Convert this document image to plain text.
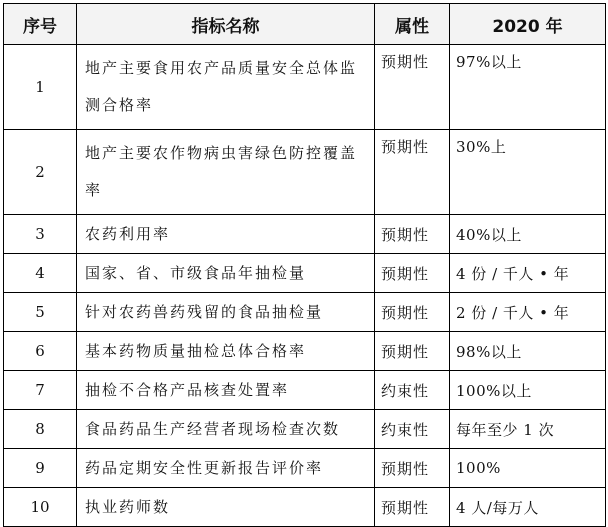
序号	指标名称	属性	2020 年
1	地产主要食用农产品质量安全总体监测合格率	预期性	97%以上
2	地产主要农作物病虫害绿色防控覆盖率	预期性	30%上
3	农药利用率	预期性	40%以上
4	国家、省、市级食品年抽检量	预期性	4 份 / 千人 • 年
5	针对农药兽药残留的食品抽检量	预期性	2 份 / 千人 • 年
6	基本药物质量抽检总体合格率	预期性	98%以上
7	抽检不合格产品核查处置率	约束性	100%以上
8	食品药品生产经营者现场检查次数	约束性	每年至少 1 次
9	药品定期安全性更新报告评价率	预期性	100%
10	执业药师数	预期性	4 人/每万人
